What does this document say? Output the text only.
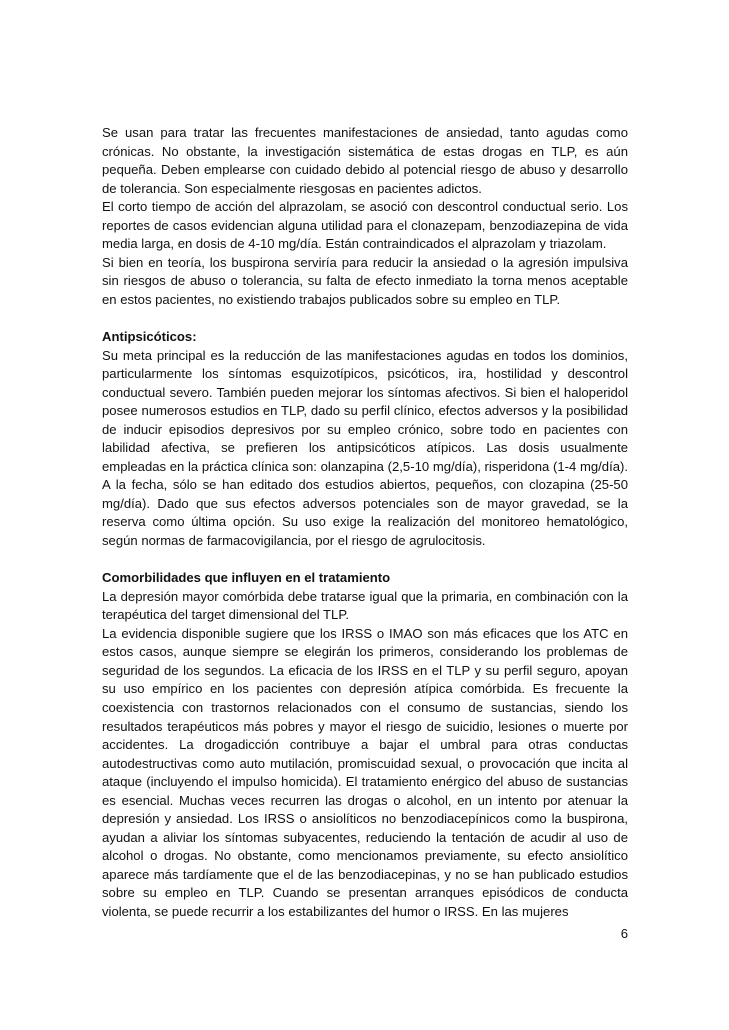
Se usan para tratar las frecuentes manifestaciones de ansiedad, tanto agudas como crónicas. No obstante, la investigación sistemática de estas drogas en TLP, es aún pequeña. Deben emplearse con cuidado debido al potencial riesgo de abuso y desarrollo de tolerancia. Son especialmente riesgosas en pacientes adictos.

El corto tiempo de acción del alprazolam, se asoció con descontrol conductual serio. Los reportes de casos evidencian alguna utilidad para el clonazepam, benzodiazepina de vida media larga, en dosis de 4-10 mg/día. Están contraindicados el alprazolam y triazolam.

Si bien en teoría, los buspirona serviría para reducir la ansiedad o la agresión impulsiva sin riesgos de abuso o tolerancia, su falta de efecto inmediato la torna menos aceptable en estos pacientes, no existiendo trabajos publicados sobre su empleo en TLP.

Antipsicóticos:

Su meta principal es la reducción de las manifestaciones agudas en todos los dominios, particularmente los síntomas esquizotípicos, psicóticos, ira, hostilidad y descontrol conductual severo. También pueden mejorar los síntomas afectivos. Si bien el haloperidol posee numerosos estudios en TLP, dado su perfil clínico, efectos adversos y la posibilidad de inducir episodios depresivos por su empleo crónico, sobre todo en pacientes con labilidad afectiva, se prefieren los antipsicóticos atípicos. Las dosis usualmente empleadas en la práctica clínica son: olanzapina (2,5-10 mg/día), risperidona (1-4 mg/día). A la fecha, sólo se han editado dos estudios abiertos, pequeños, con clozapina (25-50 mg/día). Dado que sus efectos adversos potenciales son de mayor gravedad, se la reserva como última opción. Su uso exige la realización del monitoreo hematológico, según normas de farmacovigilancia, por el riesgo de agrulocitosis.

Comorbilidades que influyen en el tratamiento

La depresión mayor comórbida debe tratarse igual que la primaria, en combinación con la terapéutica del target dimensional del TLP.

La evidencia disponible sugiere que los IRSS o IMAO son más eficaces que los ATC en estos casos, aunque siempre se elegirán los primeros, considerando los problemas de seguridad de los segundos. La eficacia de los IRSS en el TLP y su perfil seguro, apoyan su uso empírico en los pacientes con depresión atípica comórbida. Es frecuente la coexistencia con trastornos relacionados con el consumo de sustancias, siendo los resultados terapéuticos más pobres y mayor el riesgo de suicidio, lesiones o muerte por accidentes. La drogadicción contribuye a bajar el umbral para otras conductas autodestructivas como auto mutilación, promiscuidad sexual, o provocación que incita al ataque (incluyendo el impulso homicida). El tratamiento enérgico del abuso de sustancias es esencial. Muchas veces recurren las drogas o alcohol, en un intento por atenuar la depresión y ansiedad. Los IRSS o ansiolíticos no benzodiacepínicos como la buspirona, ayudan a aliviar los síntomas subyacentes, reduciendo la tentación de acudir al uso de alcohol o drogas. No obstante, como mencionamos previamente, su efecto ansiolítico aparece más tardíamente que el de las benzodiacepinas, y no se han publicado estudios sobre su empleo en TLP. Cuando se presentan arranques episódicos de conducta violenta, se puede recurrir a los estabilizantes del humor o IRSS. En las mujeres

6
